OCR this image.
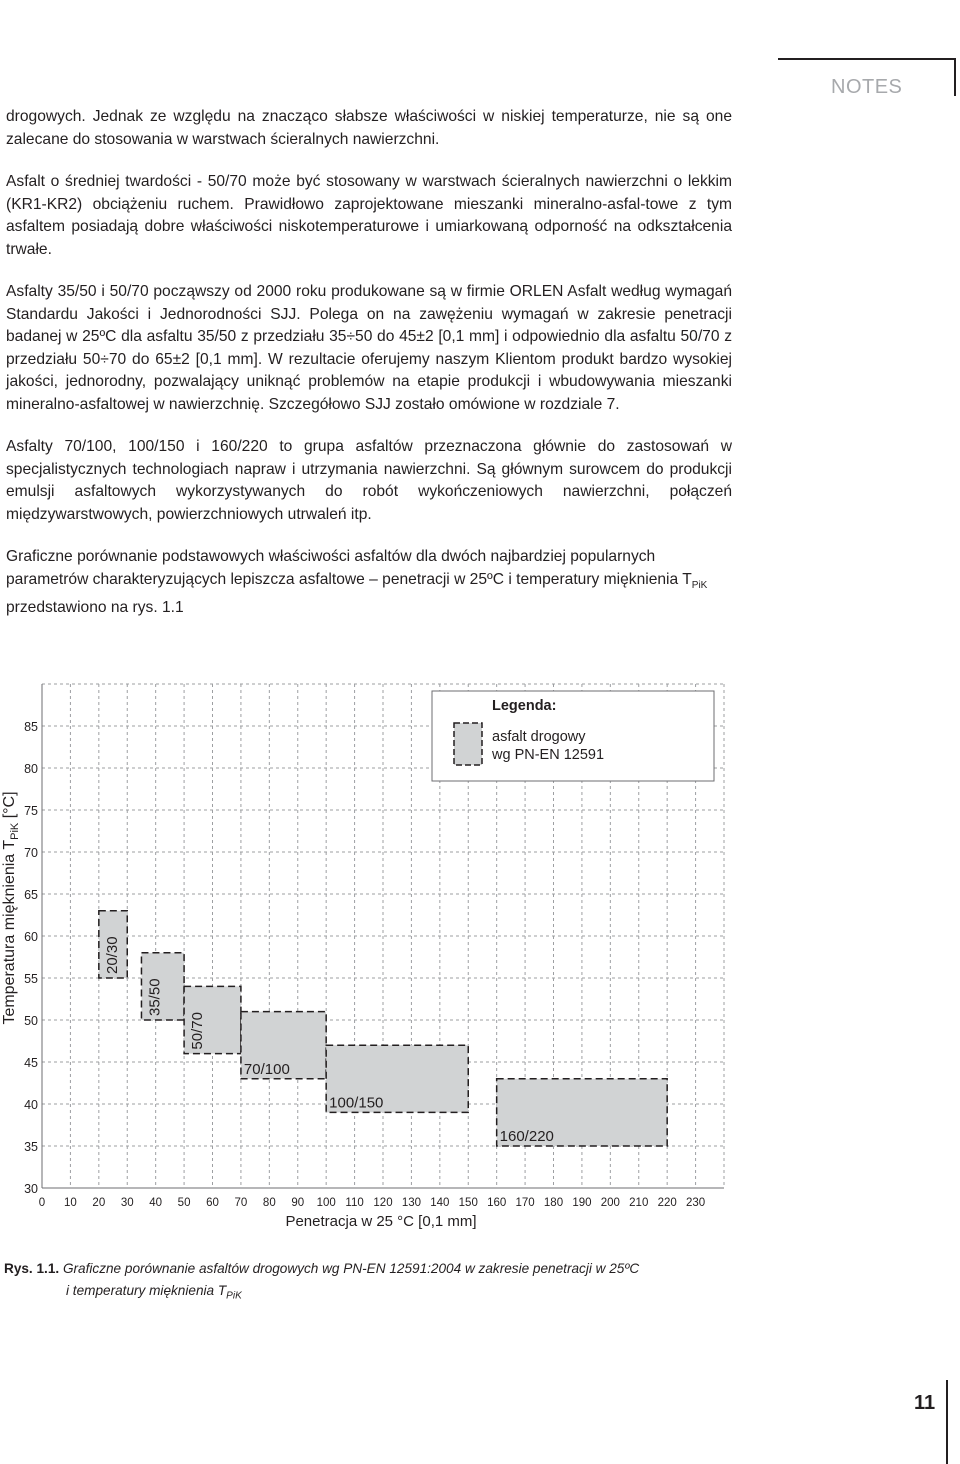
NOTES

drogowych. Jednak ze względu na znacząco słabsze właściwości w niskiej temperaturze, nie są one zalecane do stosowania w warstwach ścieralnych nawierzchni.

Asfalt o średniej twardości - 50/70 może być stosowany w warstwach ścieralnych nawierzchni o lekkim (KR1-KR2) obciążeniu ruchem. Prawidłowo zaprojektowane mieszanki mineralno-asfal-towe z tym asfaltem posiadają dobre właściwości niskotemperaturowe i umiarkowaną odporność na odkształcenia trwałe.

Asfalty 35/50 i 50/70 począwszy od 2000 roku produkowane są w firmie ORLEN Asfalt według wymagań Standardu Jakości i Jednorodności SJJ. Polega on na zawężeniu wymagań w zakresie penetracji badanej w 25ºC dla asfaltu 35/50 z przedziału 35÷50 do 45±2 [0,1 mm] i odpowiednio dla asfaltu 50/70 z przedziału 50÷70 do 65±2 [0,1 mm]. W rezultacie oferujemy naszym Klientom produkt bardzo wysokiej jakości, jednorodny, pozwalający uniknąć problemów na etapie produkcji i wbudowywania mieszanki mineralno-asfaltowej w nawierzchnię. Szczegółowo SJJ zostało omówione w rozdziale 7.

Asfalty 70/100, 100/150 i 160/220 to grupa asfaltów przeznaczona głównie do zastosowań w specjalistycznych technologiach napraw i utrzymania nawierzchni. Są głównym surowcem do produkcji emulsji asfaltowych wykorzystywanych do robót wykończeniowych nawierzchni, połączeń międzywarstwowych, powierzchniowych utrwaleń itp.

Graficzne porównanie podstawowych właściwości asfaltów dla dwóch najbardziej popularnych parametrów charakteryzujących lepiszcza asfaltowe – penetracji w 25ºC i temperatury mięknienia $T_{PiK}$ przedstawiono na rys. 1.1

30
35
40
45
50
55
60
65
70
75
80
85
0 10 20 30 40 50 60 70 80 90 100 110 120 130 140 150 160 170 180 190 200 210 220 230
20/30
35/50
50/70
70/100
100/150
160/220
Legenda:
asfalt drogowy
wg PN-EN 12591
Temperatura mięknienia $T_{PiK}$ [°C]
Penetracja w 25 °C [0,1 mm]
Rys. 1.1. Graficzne porównanie asfaltów drogowych wg PN-EN 12591:2004 w zakresie penetracji w 25ºC
i temperatury mięknienia $T_{PiK}$
11
